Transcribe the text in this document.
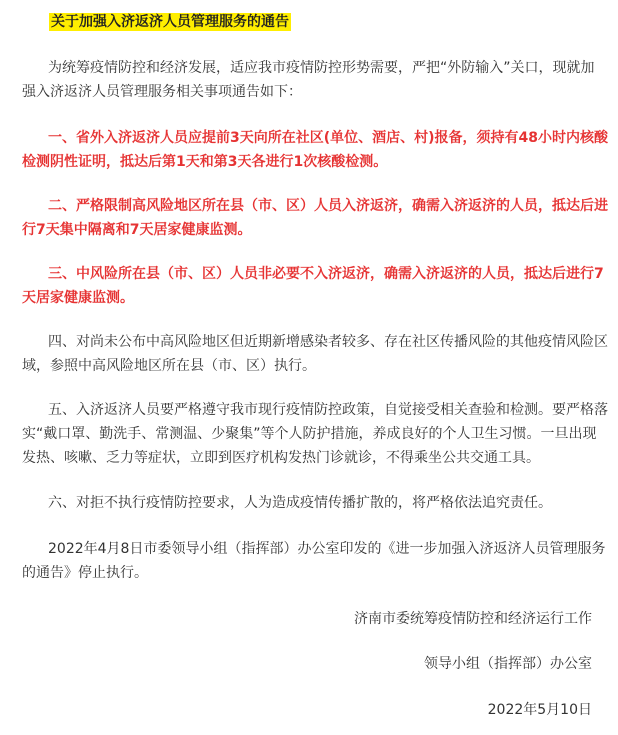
关于加强入济返济人员管理服务的通告
为统筹疫情防控和经济发展，适应我市疫情防控形势需要，严把“外防输入”关口，现就加
强入济返济人员管理服务相关事项通告如下：
一、省外入济返济人员应提前3天向所在社区(单位、酒店、村)报备，须持有48小时内核酸
检测阴性证明，抵达后第1天和第3天各进行1次核酸检测。
二、严格限制高风险地区所在县（市、区）人员入济返济，确需入济返济的人员，抵达后进
行7天集中隔离和7天居家健康监测。
三、中风险所在县（市、区）人员非必要不入济返济，确需入济返济的人员，抵达后进行7
天居家健康监测。
四、对尚未公布中高风险地区但近期新增感染者较多、存在社区传播风险的其他疫情风险区
域，参照中高风险地区所在县（市、区）执行。
五、入济返济人员要严格遵守我市现行疫情防控政策，自觉接受相关查验和检测。要严格落
实“戴口罩、勤洗手、常测温、少聚集”等个人防护措施，养成良好的个人卫生习惯。一旦出现
发热、咳嗽、乏力等症状，立即到医疗机构发热门诊就诊，不得乘坐公共交通工具。
六、对拒不执行疫情防控要求，人为造成疫情传播扩散的，将严格依法追究责任。
2022年4月8日市委领导小组（指挥部）办公室印发的《进一步加强入济返济人员管理服务
的通告》停止执行。
济南市委统筹疫情防控和经济运行工作
领导小组（指挥部）办公室
2022年5月10日
